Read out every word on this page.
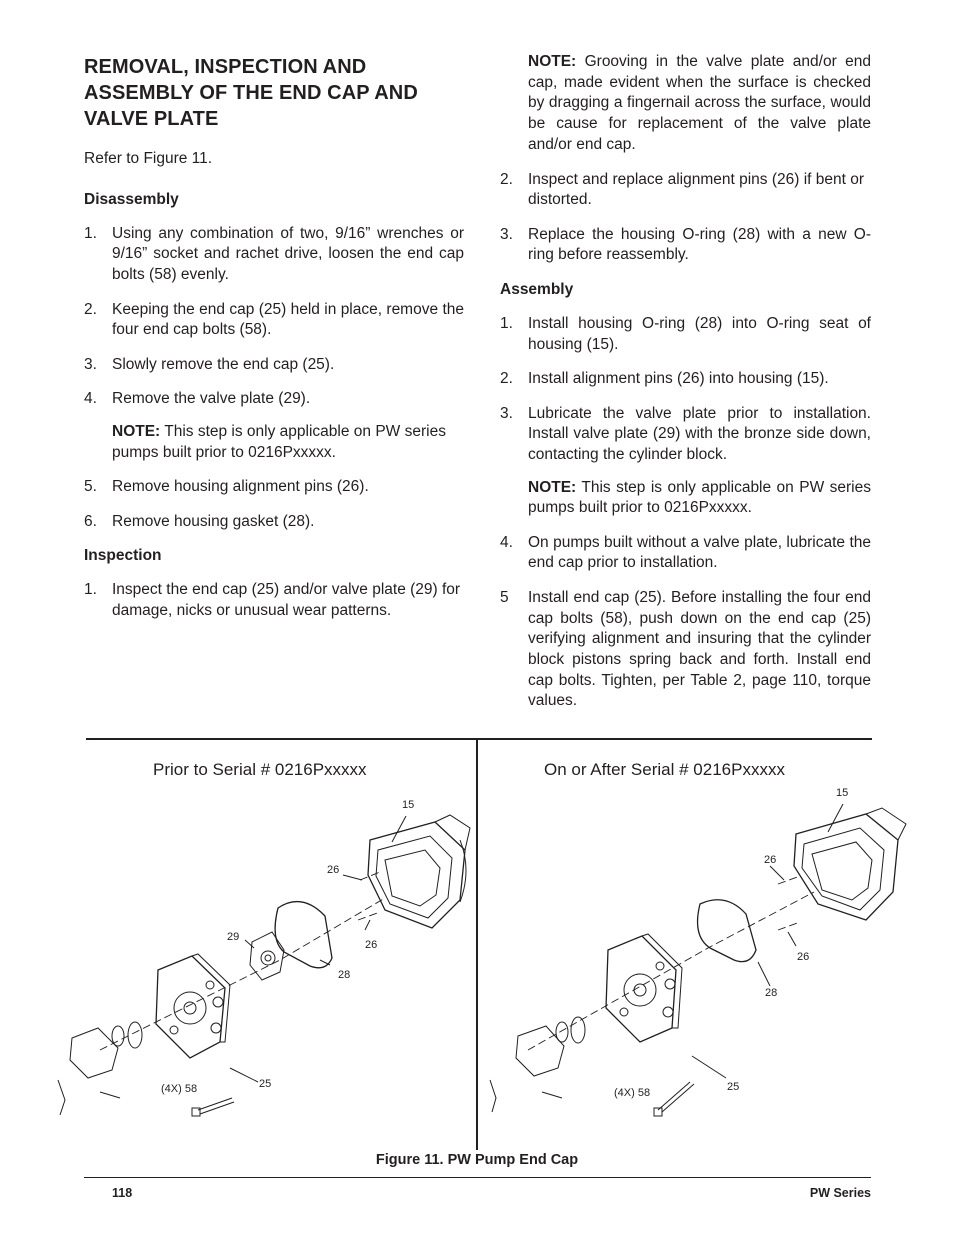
REMOVAL, INSPECTION AND ASSEMBLY OF THE END CAP AND VALVE PLATE

Refer to Figure 11.

Disassembly
1. Using any combination of two, 9/16” wrenches or 9/16” socket and rachet drive, loosen the end cap bolts (58) evenly.
2. Keeping the end cap (25) held in place, remove the four end cap bolts (58).
3. Slowly remove the end cap (25).
4. Remove the valve plate (29).

NOTE: This step is only applicable on PW series pumps built prior to 0216Pxxxxx.

5. Remove housing alignment pins (26).
6. Remove housing gasket (28).
Inspection
1. Inspect the end cap (25) and/or valve plate (29) for damage, nicks or unusual wear patterns.

NOTE: Grooving in the valve plate and/or end cap, made evident when the surface is checked by dragging a fingernail across the surface, would be cause for replacement of the valve plate and/or end cap.

2. Inspect and replace alignment pins (26) if bent or distorted.
3. Replace the housing O-ring (28) with a new O-ring before reassembly.
Assembly
1. Install housing O-ring (28) into O-ring seat of housing (15).
2. Install alignment pins (26) into housing (15).
3. Lubricate the valve plate prior to installation. Install valve plate (29) with the bronze side down, contacting the cylinder block.

NOTE: This step is only applicable on PW series pumps built prior to 0216Pxxxxx.

4. On pumps built without a valve plate, lubricate the end cap prior to installation.
5 Install end cap (25). Before installing the four end cap bolts (58), push down on the end cap (25) verifying alignment and insuring that the cylinder block pistons spring back and forth. Install end cap bolts. Tighten, per Table 2, page 110, torque values.
Prior to Serial # 0216Pxxxxx	On or After Serial # 0216Pxxxxx
15
26
29
26
28
(4X) 58	25
15
26
26
28
(4X) 58	25
Figure 11. PW Pump End Cap
118	PW Series
